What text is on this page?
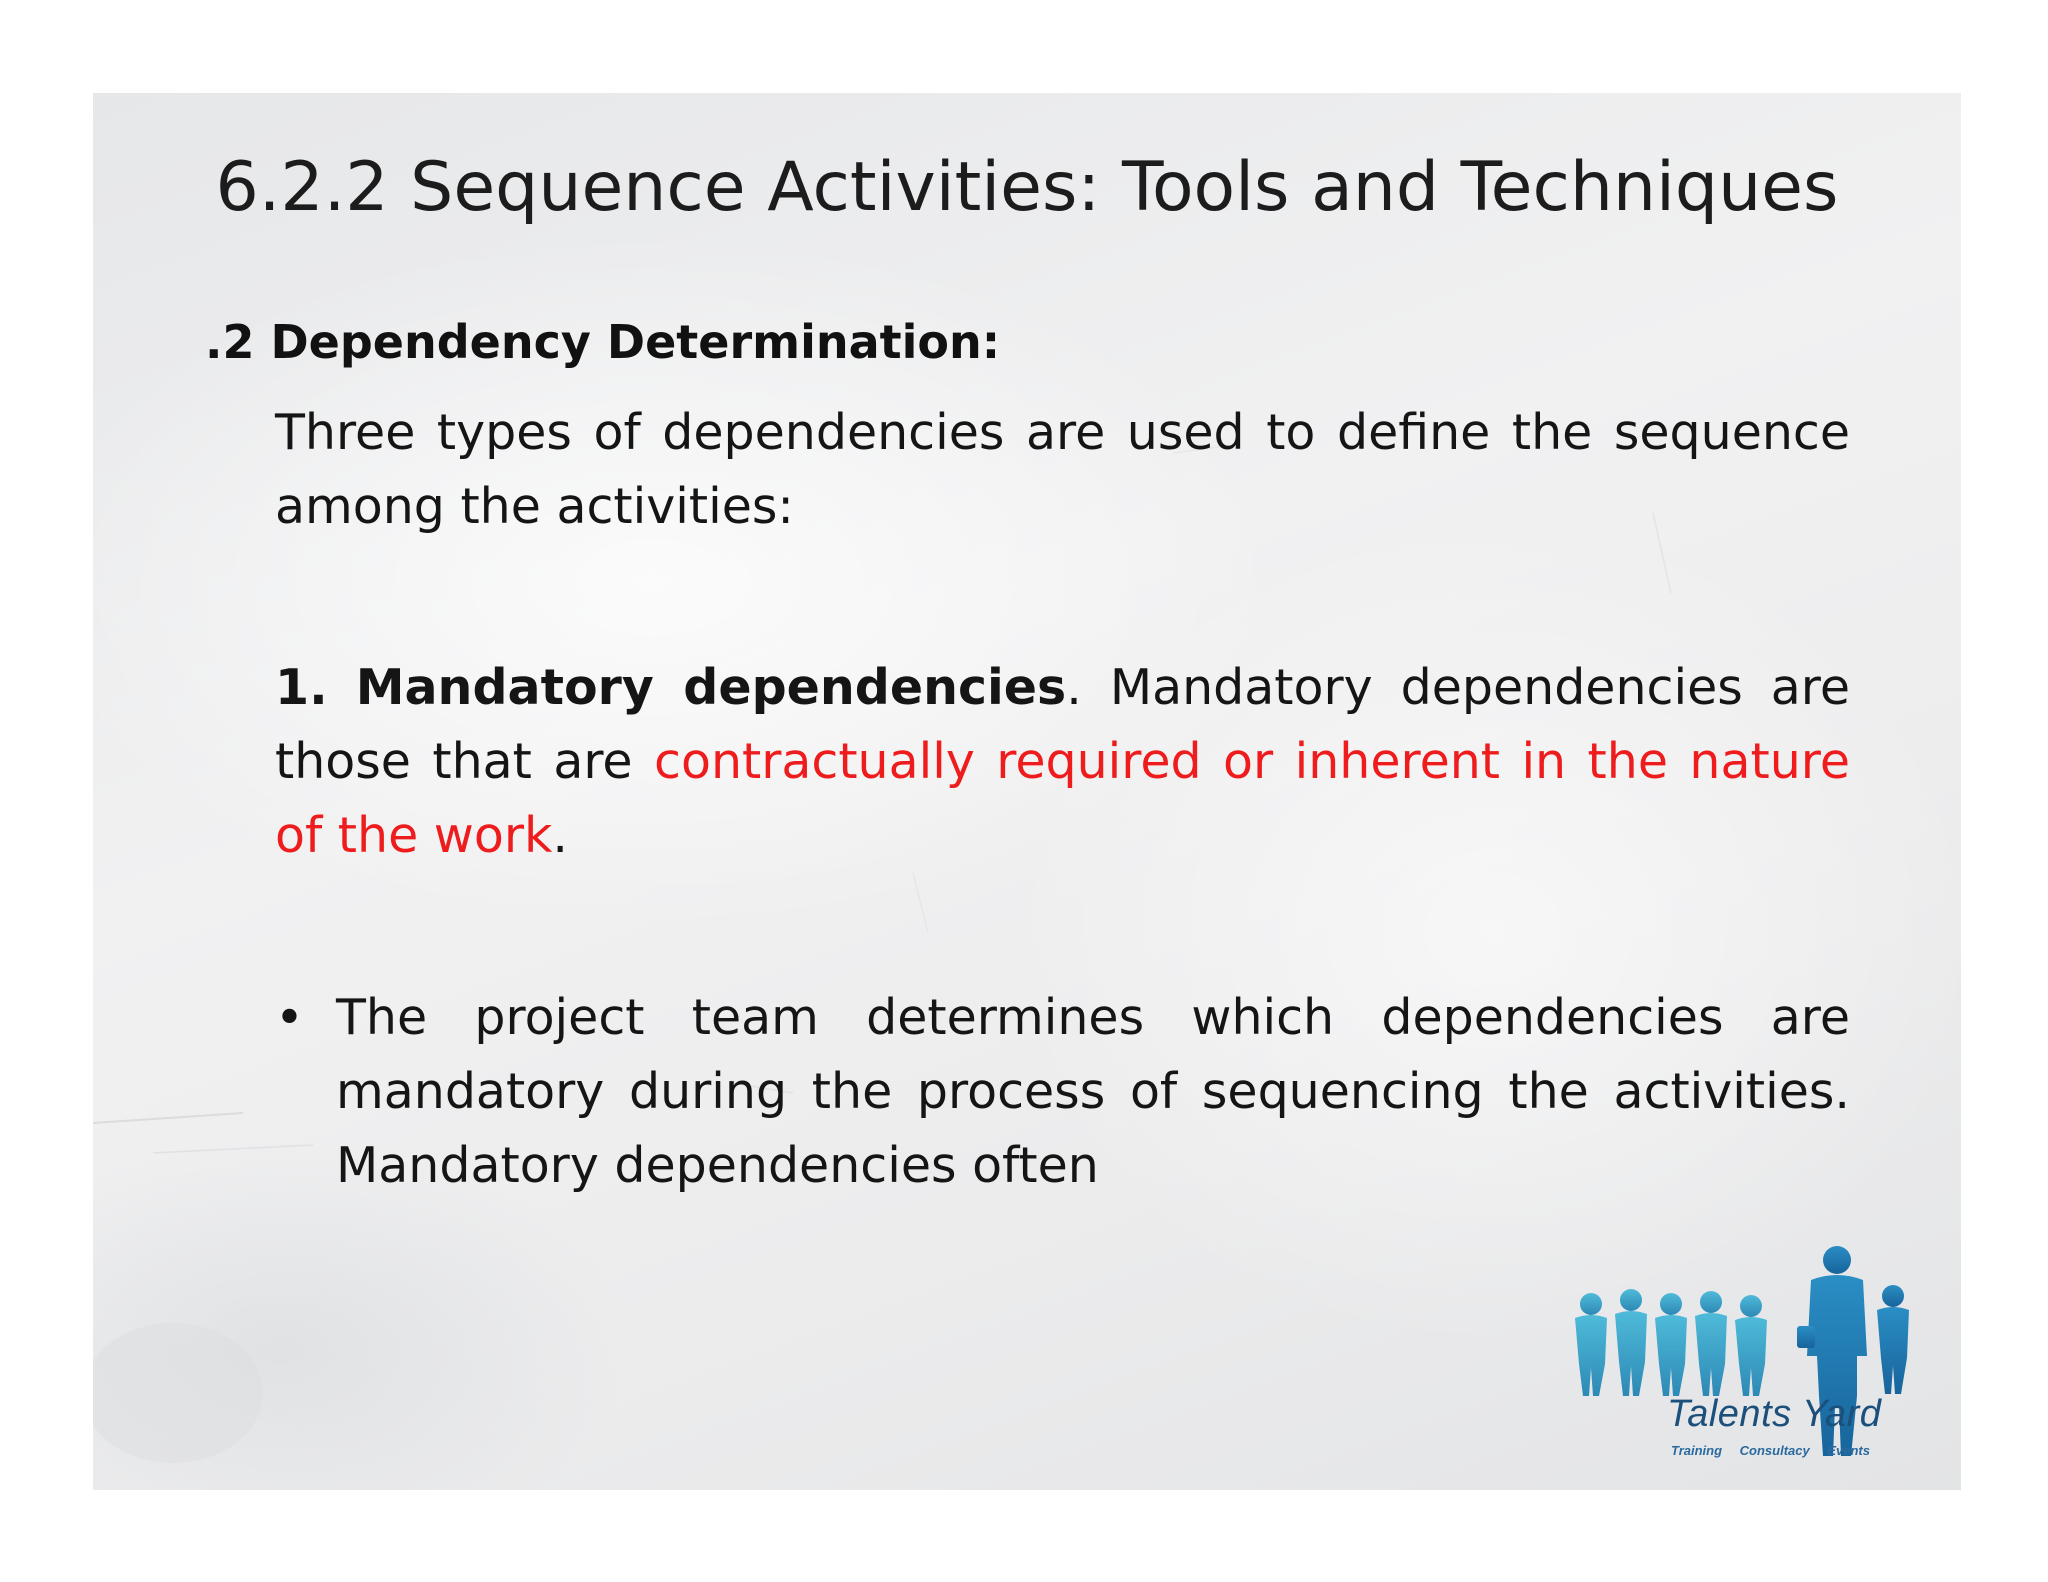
6.2.2 Sequence Activities: Tools and Techniques
.2 Dependency Determination:
Three types of dependencies are used to define the sequence among the activities:
1. Mandatory dependencies. Mandatory dependencies are those that are contractually required or inherent in the nature of the work.
• The project team determines which dependencies are mandatory during the process of sequencing the activities. Mandatory dependencies often
Talents Yard
Training Consultacy Events
